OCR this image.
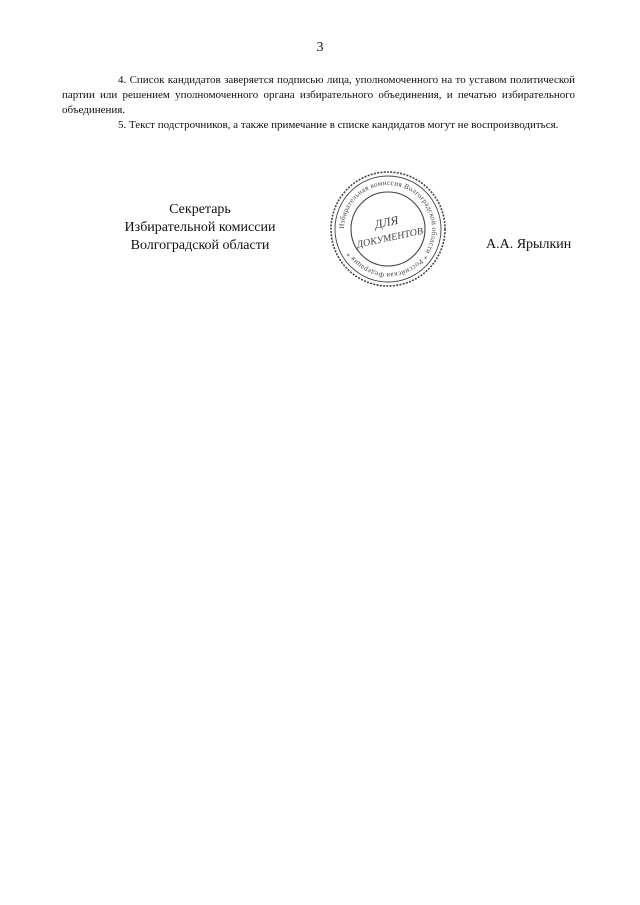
3

4. Список кандидатов заверяется подписью лица, уполномоченного на то уставом политической партии или решением уполномоченного органа избирательного объединения, и печатью избирательного объединения.

5. Текст подстрочников, а также примечание в списке кандидатов могут не воспроизводиться.

Секретарь
Избирательной комиссии
Волгоградской области
Избирательная комиссия Волгоградской области * Российская Федерация *
ДЛЯ
ДОКУМЕНТОВ	А.А. Ярылкин
